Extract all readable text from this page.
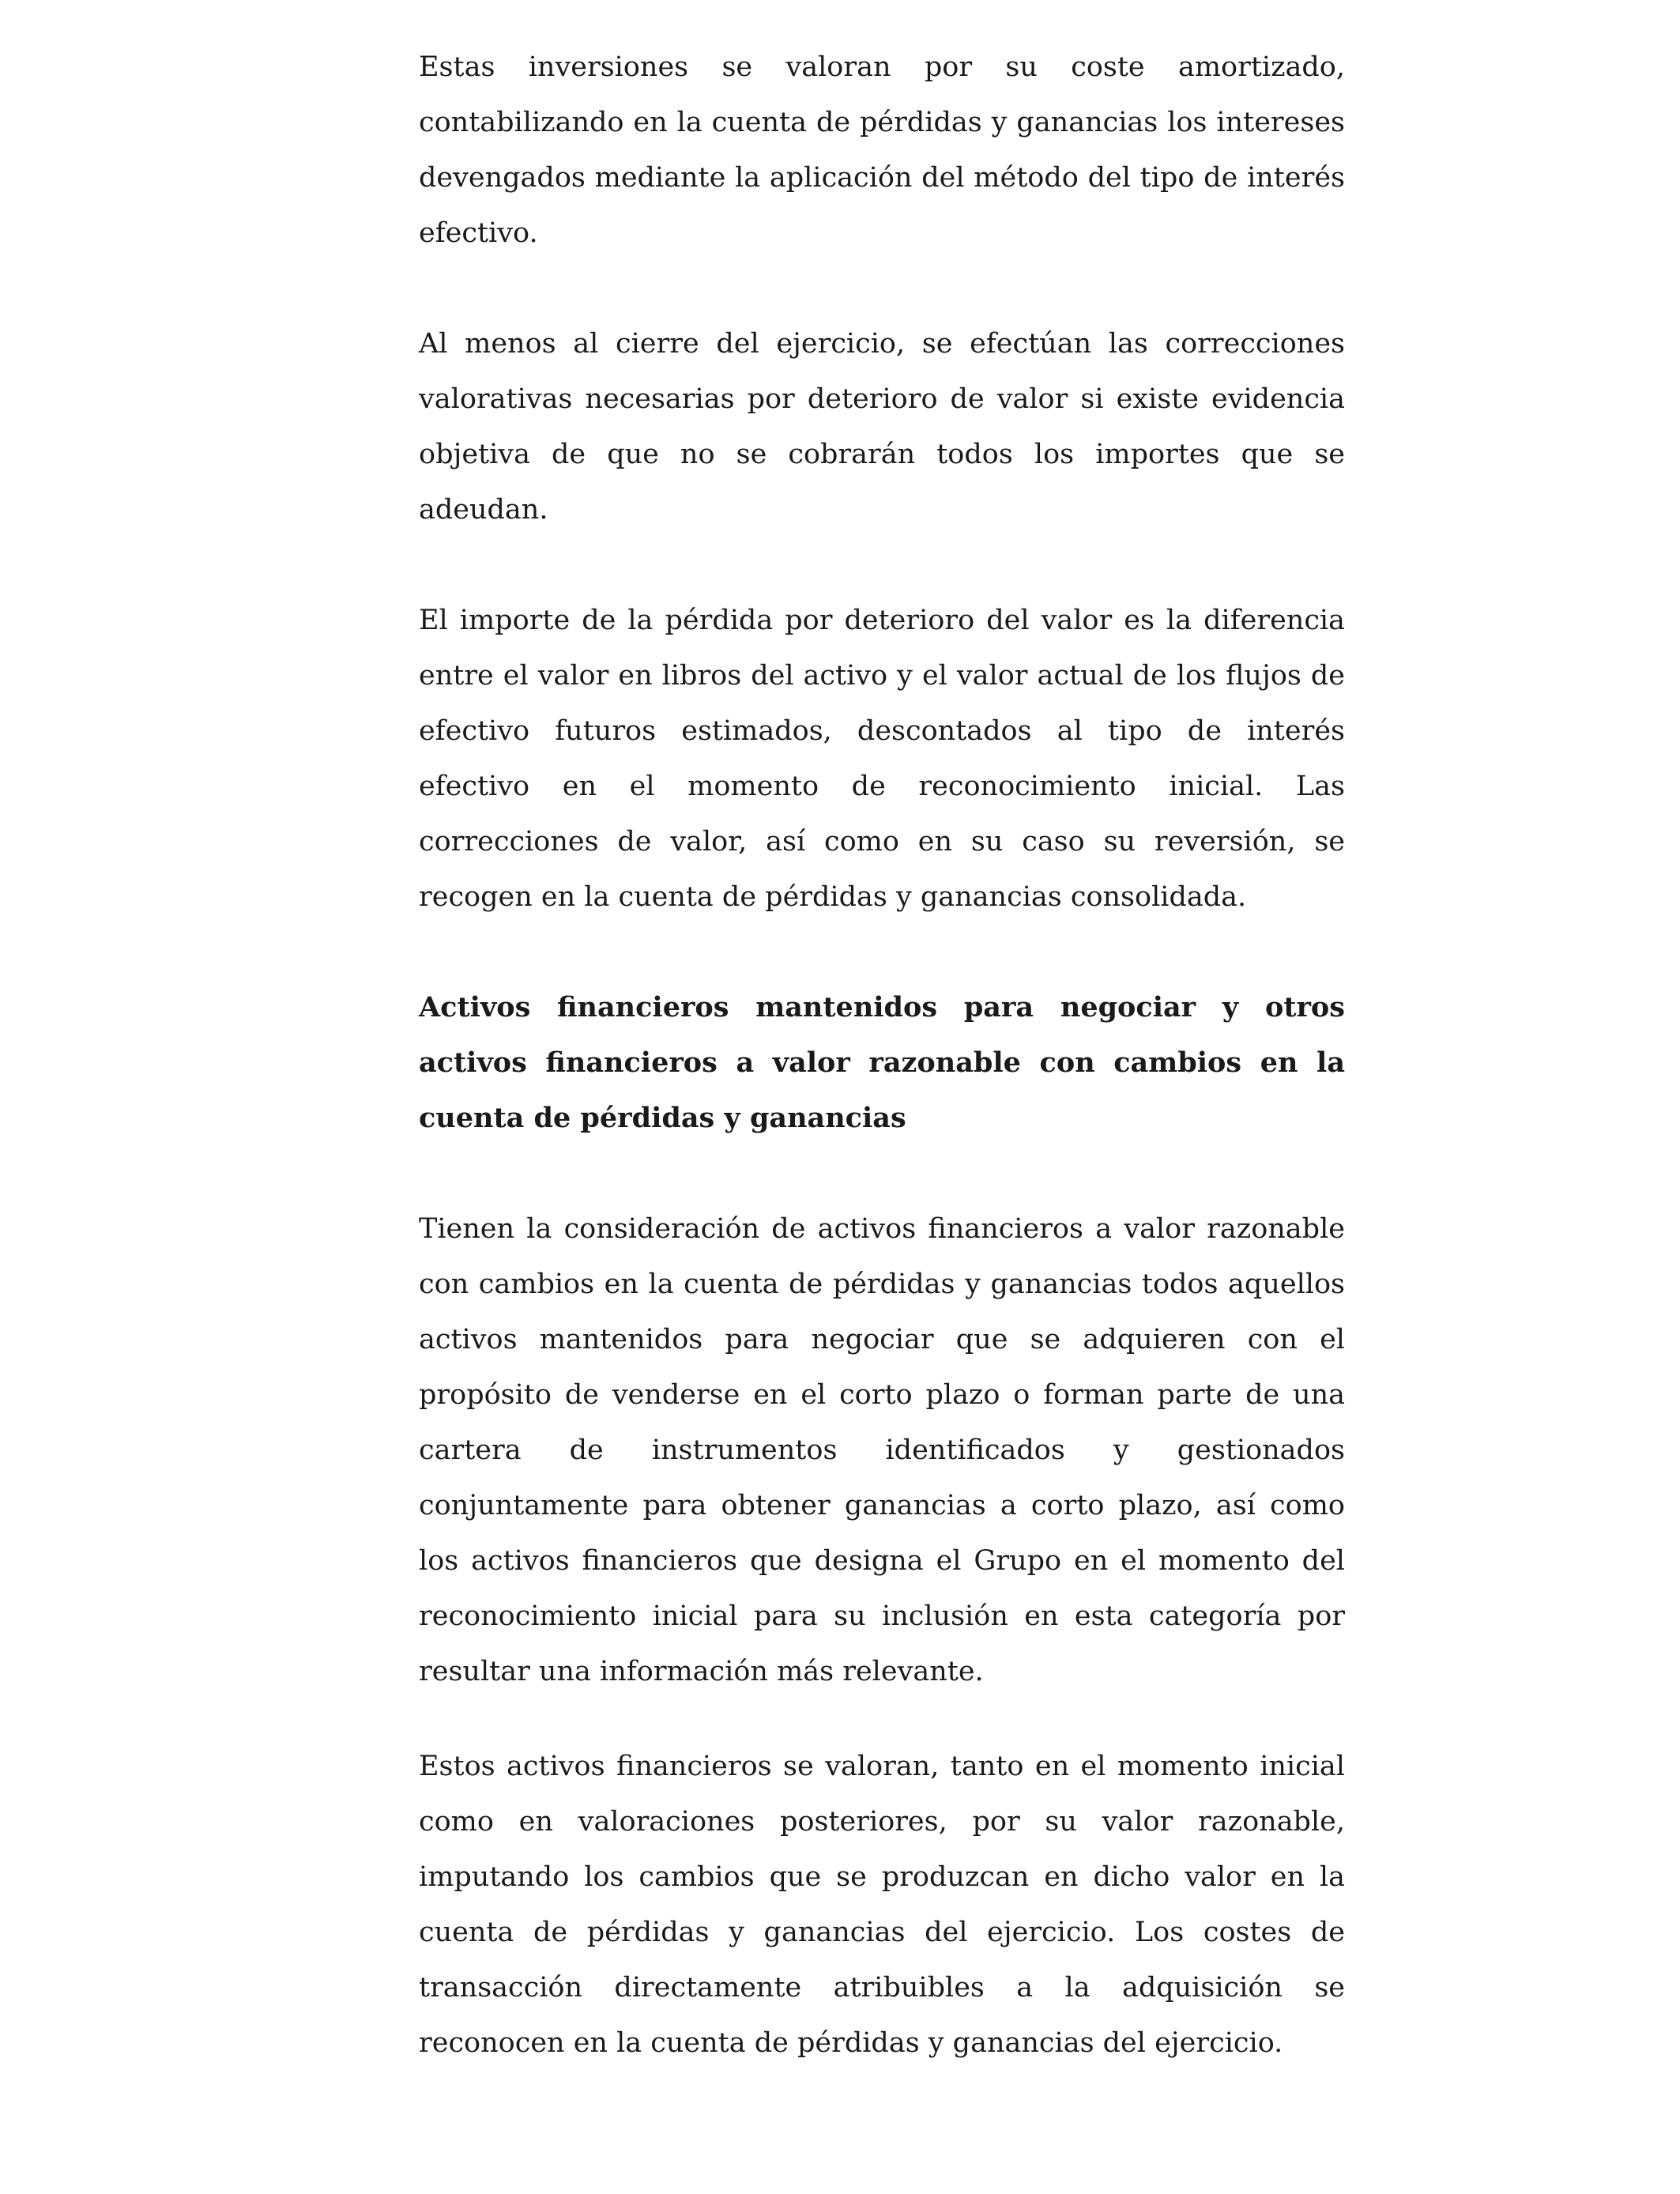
Estas inversiones se valoran por su coste amortizado, contabilizando en la cuenta de pérdidas y ganancias los intereses devengados mediante la aplicación del método del tipo de interés efectivo.

Al menos al cierre del ejercicio, se efectúan las correcciones valorativas necesarias por deterioro de valor si existe evidencia objetiva de que no se cobrarán todos los importes que se adeudan.

El importe de la pérdida por deterioro del valor es la diferencia entre el valor en libros del activo y el valor actual de los flujos de efectivo futuros estimados, descontados al tipo de interés efectivo en el momento de reconocimiento inicial. Las correcciones de valor, así como en su caso su reversión, se recogen en la cuenta de pérdidas y ganancias consolidada.

Activos financieros mantenidos para negociar y otros activos financieros a valor razonable con cambios en la cuenta de pérdidas y ganancias

Tienen la consideración de activos financieros a valor razonable con cambios en la cuenta de pérdidas y ganancias todos aquellos activos mantenidos para negociar que se adquieren con el propósito de venderse en el corto plazo o forman parte de una cartera de instrumentos identificados y gestionados conjuntamente para obtener ganancias a corto plazo, así como los activos financieros que designa el Grupo en el momento del reconocimiento inicial para su inclusión en esta categoría por resultar una información más relevante.

Estos activos financieros se valoran, tanto en el momento inicial como en valoraciones posteriores, por su valor razonable, imputando los cambios que se produzcan en dicho valor en la cuenta de pérdidas y ganancias del ejercicio. Los costes de transacción directamente atribuibles a la adquisición se reconocen en la cuenta de pérdidas y ganancias del ejercicio.
